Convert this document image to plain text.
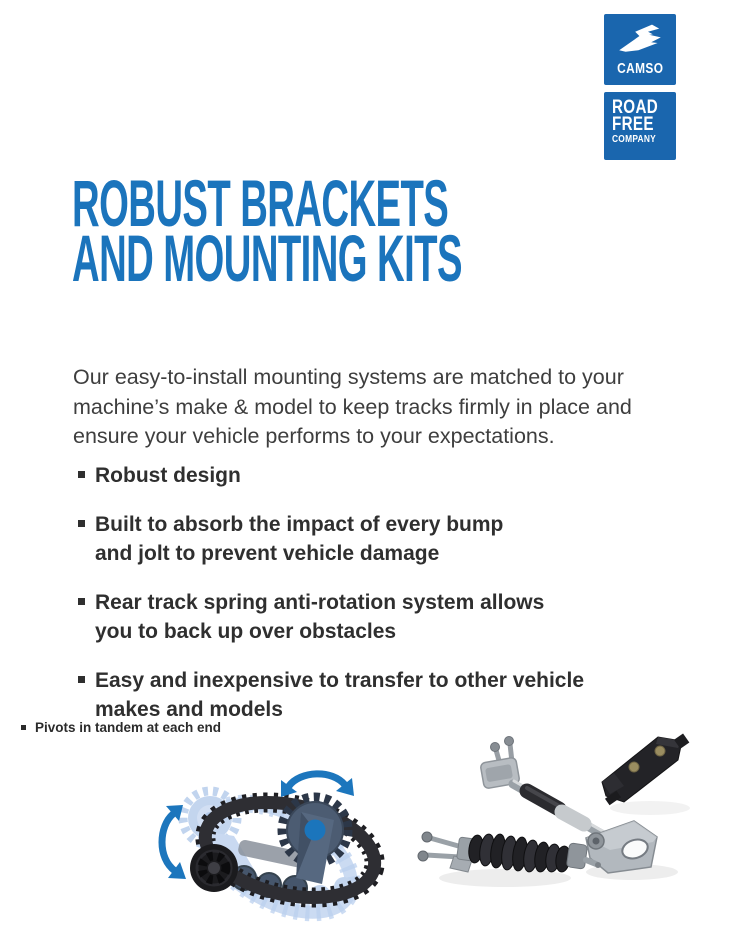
CAMSO
ROAD
FREE
COMPANY
ROBUST BRACKETS
AND MOUNTING KITS

Our easy-to-install mounting systems are matched to your
machine’s make & model to keep tracks firmly in place and
ensure your vehicle performs to your expectations.

Robust design
Built to absorb the impact of every bump
and jolt to prevent vehicle damage
Rear track spring anti-rotation system allows
you to back up over obstacles
Easy and inexpensive to transfer to other vehicle
makes and models
Pivots in tandem at each end
